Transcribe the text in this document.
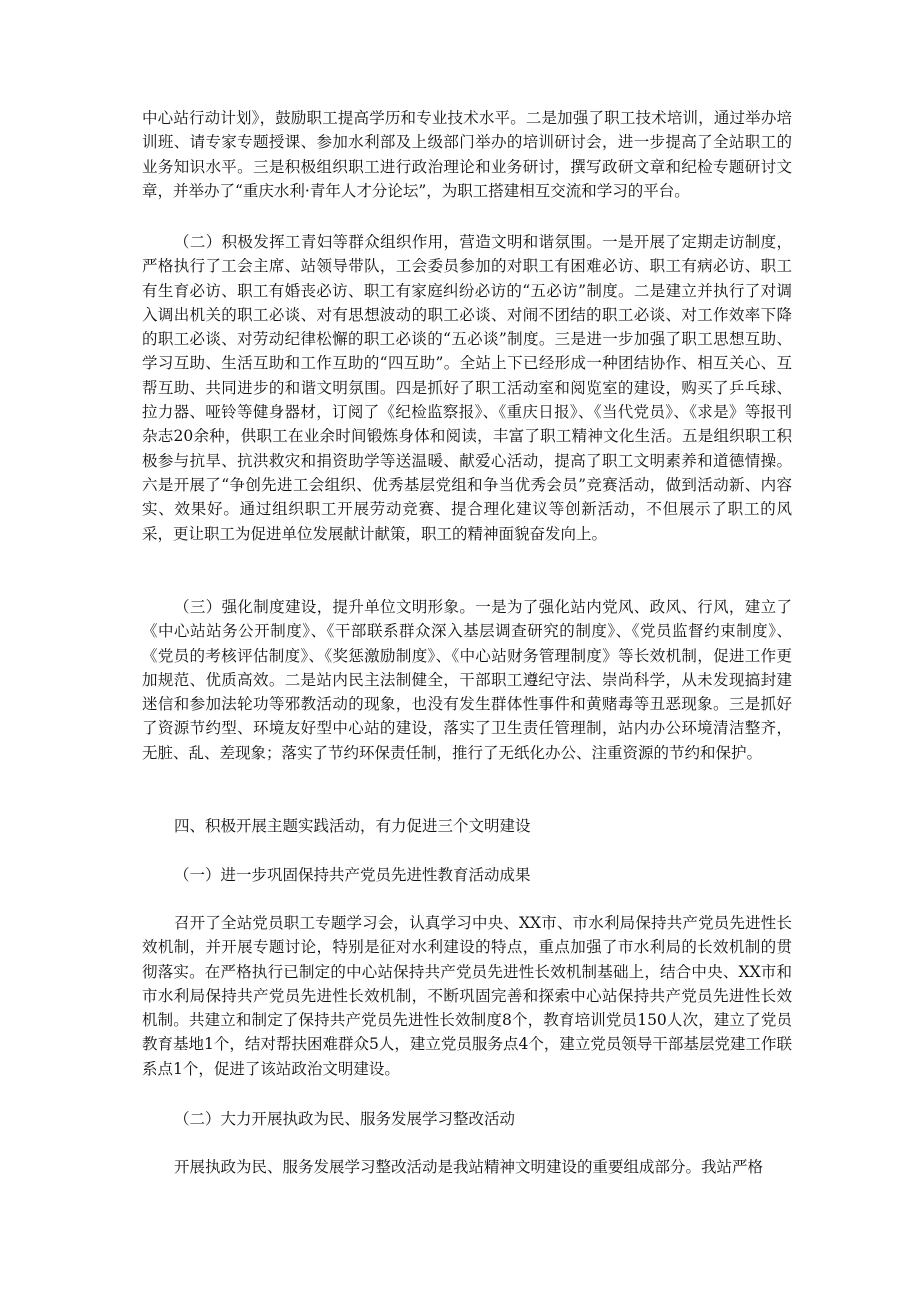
中心站行动计划》，鼓励职工提高学历和专业技术水平。二是加强了职工技术培训，通过举办培训班、请专家专题授课、参加水利部及上级部门举办的培训研讨会，进一步提高了全站职工的业务知识水平。三是积极组织职工进行政治理论和业务研讨，撰写政研文章和纪检专题研讨文章，并举办了“重庆水利·青年人才分论坛”，为职工搭建相互交流和学习的平台。

（二）积极发挥工青妇等群众组织作用，营造文明和谐氛围。一是开展了定期走访制度，严格执行了工会主席、站领导带队，工会委员参加的对职工有困难必访、职工有病必访、职工有生育必访、职工有婚丧必访、职工有家庭纠纷必访的“五必访”制度。二是建立并执行了对调入调出机关的职工必谈、对有思想波动的职工必谈、对闹不团结的职工必谈、对工作效率下降的职工必谈、对劳动纪律松懈的职工必谈的“五必谈”制度。三是进一步加强了职工思想互助、学习互助、生活互助和工作互助的“四互助”。全站上下已经形成一种团结协作、相互关心、互帮互助、共同进步的和谐文明氛围。四是抓好了职工活动室和阅览室的建设，购买了乒乓球、拉力器、哑铃等健身器材，订阅了《纪检监察报》、《重庆日报》、《当代党员》、《求是》等报刊杂志20余种，供职工在业余时间锻炼身体和阅读，丰富了职工精神文化生活。五是组织职工积极参与抗旱、抗洪救灾和捐资助学等送温暖、献爱心活动，提高了职工文明素养和道德情操。六是开展了“争创先进工会组织、优秀基层党组和争当优秀会员”竞赛活动，做到活动新、内容实、效果好。通过组织职工开展劳动竞赛、提合理化建议等创新活动，不但展示了职工的风采，更让职工为促进单位发展献计献策，职工的精神面貌奋发向上。

（三）强化制度建设，提升单位文明形象。一是为了强化站内党风、政风、行风，建立了《中心站站务公开制度》、《干部联系群众深入基层调查研究的制度》、《党员监督约束制度》、《党员的考核评估制度》、《奖惩激励制度》、《中心站财务管理制度》等长效机制，促进工作更加规范、优质高效。二是站内民主法制健全，干部职工遵纪守法、崇尚科学，从未发现搞封建迷信和参加法轮功等邪教活动的现象，也没有发生群体性事件和黄赌毒等丑恶现象。三是抓好了资源节约型、环境友好型中心站的建设，落实了卫生责任管理制，站内办公环境清洁整齐，无脏、乱、差现象；落实了节约环保责任制，推行了无纸化办公、注重资源的节约和保护。

四、积极开展主题实践活动，有力促进三个文明建设

（一）进一步巩固保持共产党员先进性教育活动成果

召开了全站党员职工专题学习会，认真学习中央、XX市、市水利局保持共产党员先进性长效机制，并开展专题讨论，特别是征对水利建设的特点，重点加强了市水利局的长效机制的贯彻落实。在严格执行已制定的中心站保持共产党员先进性长效机制基础上，结合中央、XX市和市水利局保持共产党员先进性长效机制，不断巩固完善和探索中心站保持共产党员先进性长效机制。共建立和制定了保持共产党员先进性长效制度8个，教育培训党员150人次，建立了党员教育基地1个，结对帮扶困难群众5人，建立党员服务点4个，建立党员领导干部基层党建工作联系点1个，促进了该站政治文明建设。

（二）大力开展执政为民、服务发展学习整改活动

开展执政为民、服务发展学习整改活动是我站精神文明建设的重要组成部分。我站严格
